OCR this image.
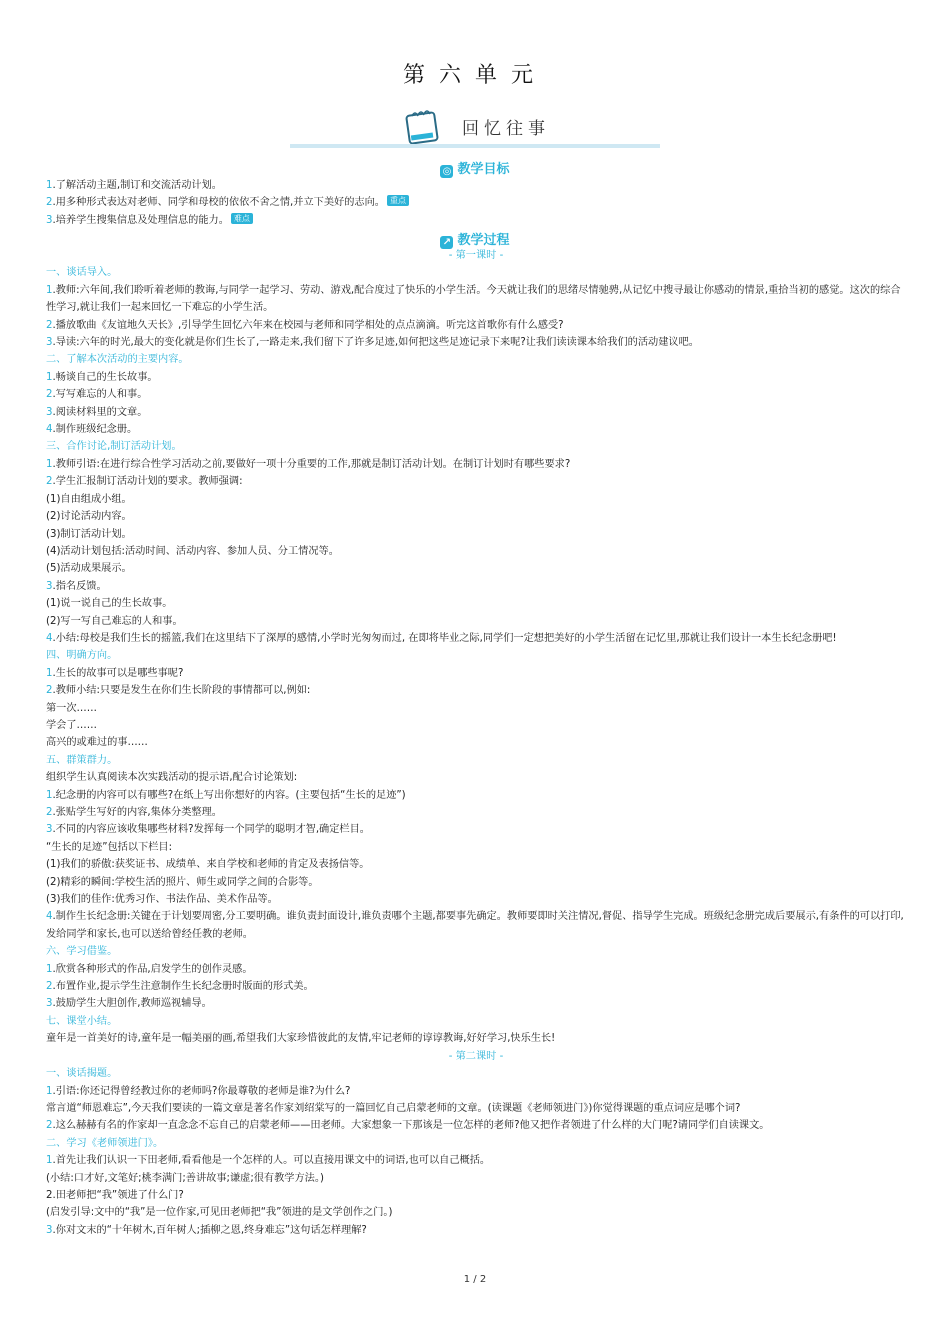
第六单元
回忆往事
◎ 教学目标
1.了解活动主题,制订和交流活动计划。
2.用多种形式表达对老师、同学和母校的依依不舍之情,并立下美好的志向。 重点
3.培养学生搜集信息及处理信息的能力。 难点
↗ 教学过程
- 第一课时 -
一、谈话导入。
1.教师:六年间,我们聆听着老师的教诲,与同学一起学习、劳动、游戏,配合度过了快乐的小学生活。今天就让我们的思绪尽情驰骋,从记忆中搜寻最让你感动的情景,重拾当初的感觉。这次的综合性学习,就让我们一起来回忆一下难忘的小学生活。
2.播放歌曲《友谊地久天长》,引导学生回忆六年来在校园与老师和同学相处的点点滴滴。听完这首歌你有什么感受?
3.导读:六年的时光,最大的变化就是你们生长了,一路走来,我们留下了许多足迹,如何把这些足迹记录下来呢?让我们读读课本给我们的活动建议吧。
二、了解本次活动的主要内容。
1.畅谈自己的生长故事。
2.写写难忘的人和事。
3.阅读材料里的文章。
4.制作班级纪念册。
三、合作讨论,制订活动计划。
1.教师引语:在进行综合性学习活动之前,要做好一项十分重要的工作,那就是制订活动计划。在制订计划时有哪些要求?
2.学生汇报制订活动计划的要求。教师强调:
(1)自由组成小组。
(2)讨论活动内容。
(3)制订活动计划。
(4)活动计划包括:活动时间、活动内容、参加人员、分工情况等。
(5)活动成果展示。
3.指名反馈。
(1)说一说自己的生长故事。
(2)写一写自己难忘的人和事。
4.小结:母校是我们生长的摇篮,我们在这里结下了深厚的感情,小学时光匆匆而过, 在即将毕业之际,同学们一定想把美好的小学生活留在记忆里,那就让我们设计一本生长纪念册吧!
四、明确方向。
1.生长的故事可以是哪些事呢?
2.教师小结:只要是发生在你们生长阶段的事情都可以,例如:
第一次……
学会了……
高兴的或难过的事……
五、群策群力。
组织学生认真阅读本次实践活动的提示语,配合讨论策划:
1.纪念册的内容可以有哪些?在纸上写出你想好的内容。(主要包括“生长的足迹”)
2.张贴学生写好的内容,集体分类整理。
3.不同的内容应该收集哪些材料?发挥每一个同学的聪明才智,确定栏目。
“生长的足迹”包括以下栏目:
(1)我们的骄傲:获奖证书、成绩单、来自学校和老师的肯定及表扬信等。
(2)精彩的瞬间:学校生活的照片、师生或同学之间的合影等。
(3)我们的佳作:优秀习作、书法作品、美术作品等。
4.制作生长纪念册:关键在于计划要周密,分工要明确。谁负责封面设计,谁负责哪个主题,都要事先确定。教师要即时关注情况,督促、指导学生完成。班级纪念册完成后要展示,有条件的可以打印,发给同学和家长,也可以送给曾经任教的老师。
六、学习借鉴。
1.欣赏各种形式的作品,启发学生的创作灵感。
2.布置作业,提示学生注意制作生长纪念册时版面的形式美。
3.鼓励学生大胆创作,教师巡视辅导。
七、课堂小结。
童年是一首美好的诗,童年是一幅美丽的画,希望我们大家珍惜彼此的友情,牢记老师的谆谆教诲,好好学习,快乐生长!
- 第二课时 -
一、谈话揭题。
1.引语:你还记得曾经教过你的老师吗?你最尊敬的老师是谁?为什么?
常言道“师恩难忘”,今天我们要读的一篇文章是著名作家刘绍棠写的一篇回忆自己启蒙老师的文章。(读课题《老师领进门》)你觉得课题的重点词应是哪个词?
2.这么赫赫有名的作家却一直念念不忘自己的启蒙老师——田老师。大家想象一下那该是一位怎样的老师?他又把作者领进了什么样的大门呢?请同学们自读课文。
二、学习《老师领进门》。
1.首先让我们认识一下田老师,看看他是一个怎样的人。可以直接用课文中的词语,也可以自己概括。
(小结:口才好,文笔好;桃李满门;善讲故事;谦虚;很有教学方法。)
2.田老师把“我”领进了什么门?
(启发引导:文中的“我”是一位作家,可见田老师把“我”领进的是文学创作之门。)
3.你对文末的“十年树木,百年树人;插柳之恩,终身难忘”这句话怎样理解?
1 / 2
